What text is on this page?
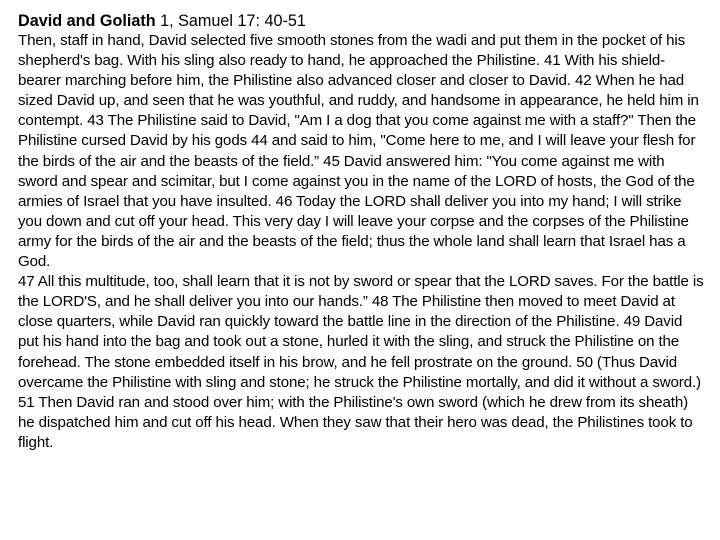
David and Goliath 1, Samuel 17: 40-51

Then, staff in hand, David selected five smooth stones from the wadi and put them in the pocket of his shepherd's bag. With his sling also ready to hand, he approached the Philistine. 41 With his shield-bearer marching before him, the Philistine also advanced closer and closer to David. 42 When he had sized David up, and seen that he was youthful, and ruddy, and handsome in appearance, he held him in contempt. 43 The Philistine said to David, "Am I a dog that you come against me with a staff?" Then the Philistine cursed David by his gods 44 and said to him, "Come here to me, and I will leave your flesh for the birds of the air and the beasts of the field.” 45 David answered him: "You come against me with sword and spear and scimitar, but I come against you in the name of the LORD of hosts, the God of the armies of Israel that you have insulted. 46 Today the LORD shall deliver you into my hand; I will strike you down and cut off your head. This very day I will leave your corpse and the corpses of the Philistine army for the birds of the air and the beasts of the field; thus the whole land shall learn that Israel has a God.

47 All this multitude, too, shall learn that it is not by sword or spear that the LORD saves. For the battle is the LORD'S, and he shall deliver you into our hands.” 48 The Philistine then moved to meet David at close quarters, while David ran quickly toward the battle line in the direction of the Philistine. 49 David put his hand into the bag and took out a stone, hurled it with the sling, and struck the Philistine on the forehead. The stone embedded itself in his brow, and he fell prostrate on the ground. 50 (Thus David overcame the Philistine with sling and stone; he struck the Philistine mortally, and did it without a sword.) 51 Then David ran and stood over him; with the Philistine's own sword (which he drew from its sheath) he dispatched him and cut off his head. When they saw that their hero was dead, the Philistines took to flight.
